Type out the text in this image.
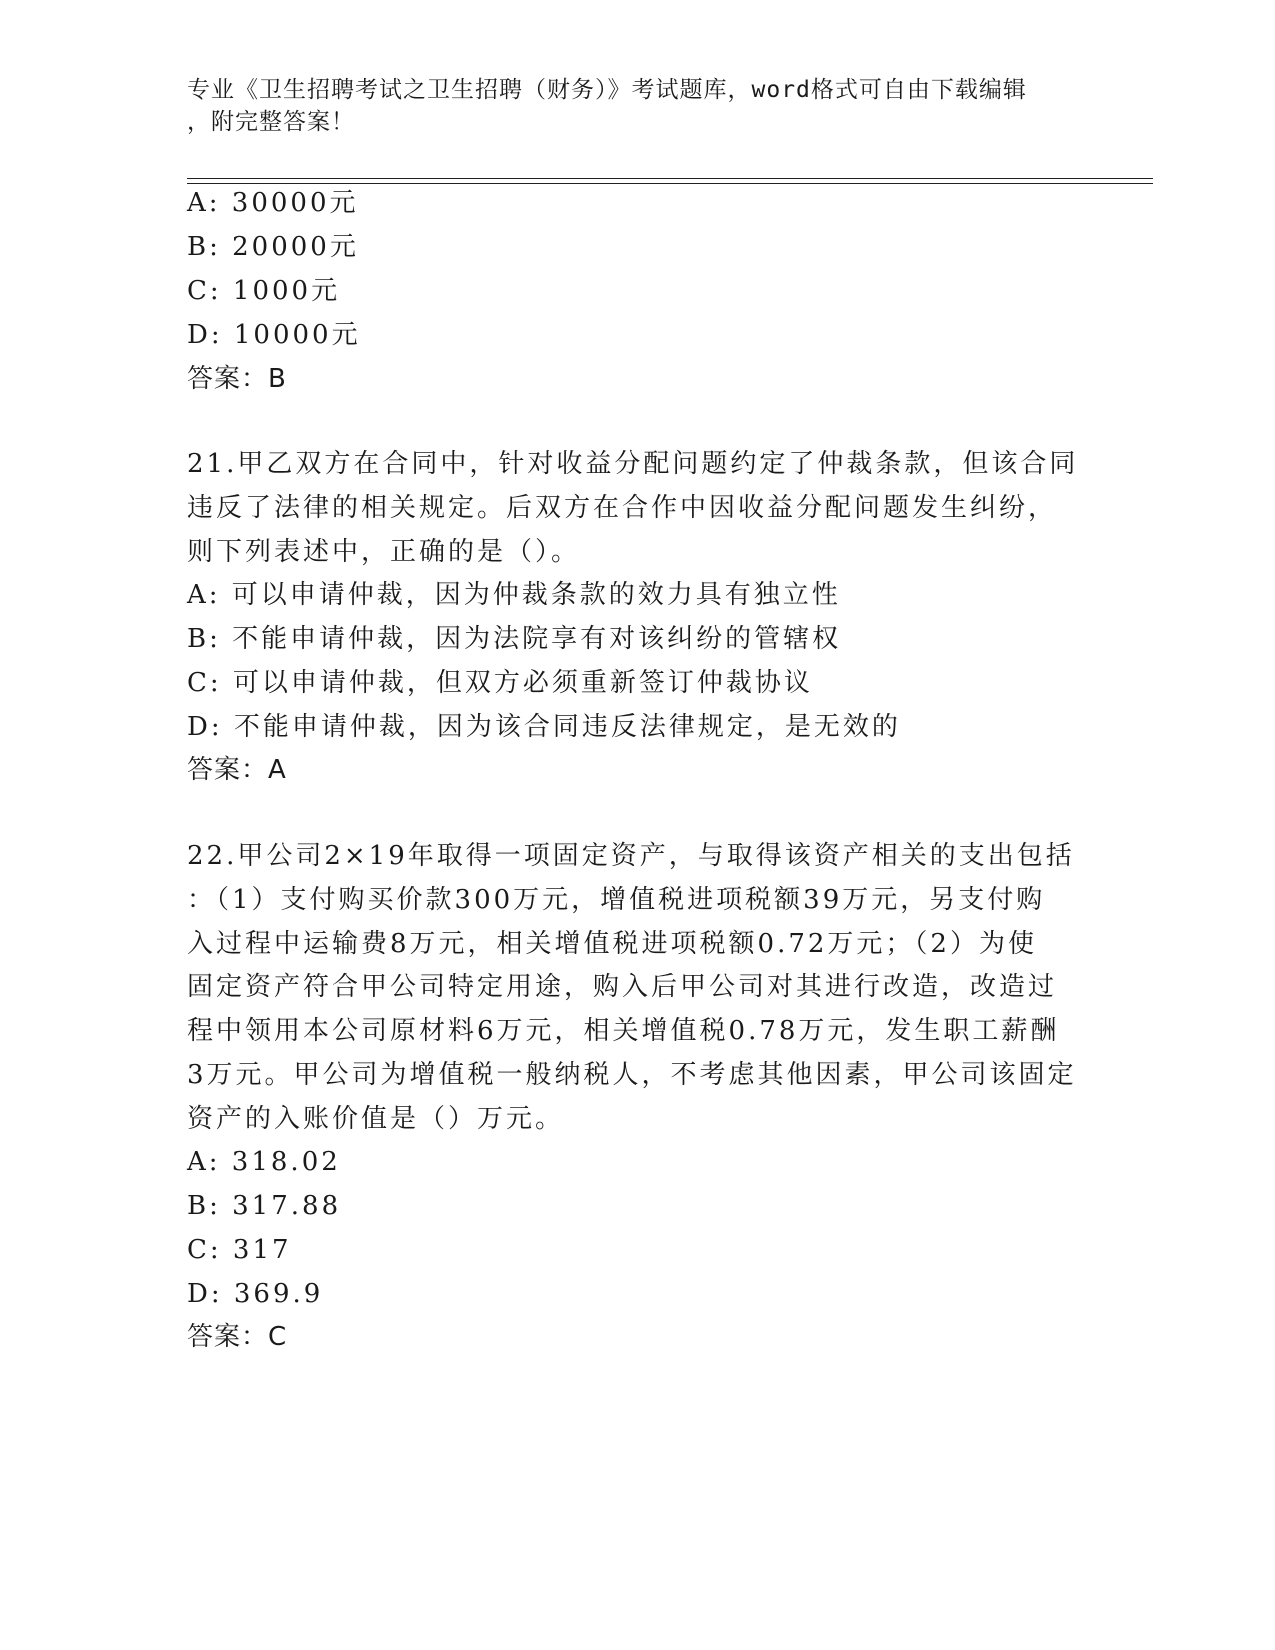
专业《卫生招聘考试之卫生招聘（财务）》考试题库，word格式可自由下载编辑
，附完整答案！
A: 30000元
B: 20000元
C: 1000元
D: 10000元
答案：B
21.甲乙双方在合同中，针对收益分配问题约定了仲裁条款，但该合同
违反了法律的相关规定。后双方在合作中因收益分配问题发生纠纷，
则下列表述中，正确的是（）。
A: 可以申请仲裁，因为仲裁条款的效力具有独立性
B: 不能申请仲裁，因为法院享有对该纠纷的管辖权
C: 可以申请仲裁，但双方必须重新签订仲裁协议
D: 不能申请仲裁，因为该合同违反法律规定，是无效的
答案：A
22.甲公司2×19年取得一项固定资产，与取得该资产相关的支出包括
：（1）支付购买价款300万元，增值税进项税额39万元，另支付购
入过程中运输费8万元，相关增值税进项税额0.72万元；（2）为使
固定资产符合甲公司特定用途，购入后甲公司对其进行改造，改造过
程中领用本公司原材料6万元，相关增值税0.78万元，发生职工薪酬
3万元。甲公司为增值税一般纳税人，不考虑其他因素，甲公司该固定
资产的入账价值是（）万元。
A: 318.02
B: 317.88
C: 317
D: 369.9
答案：C
